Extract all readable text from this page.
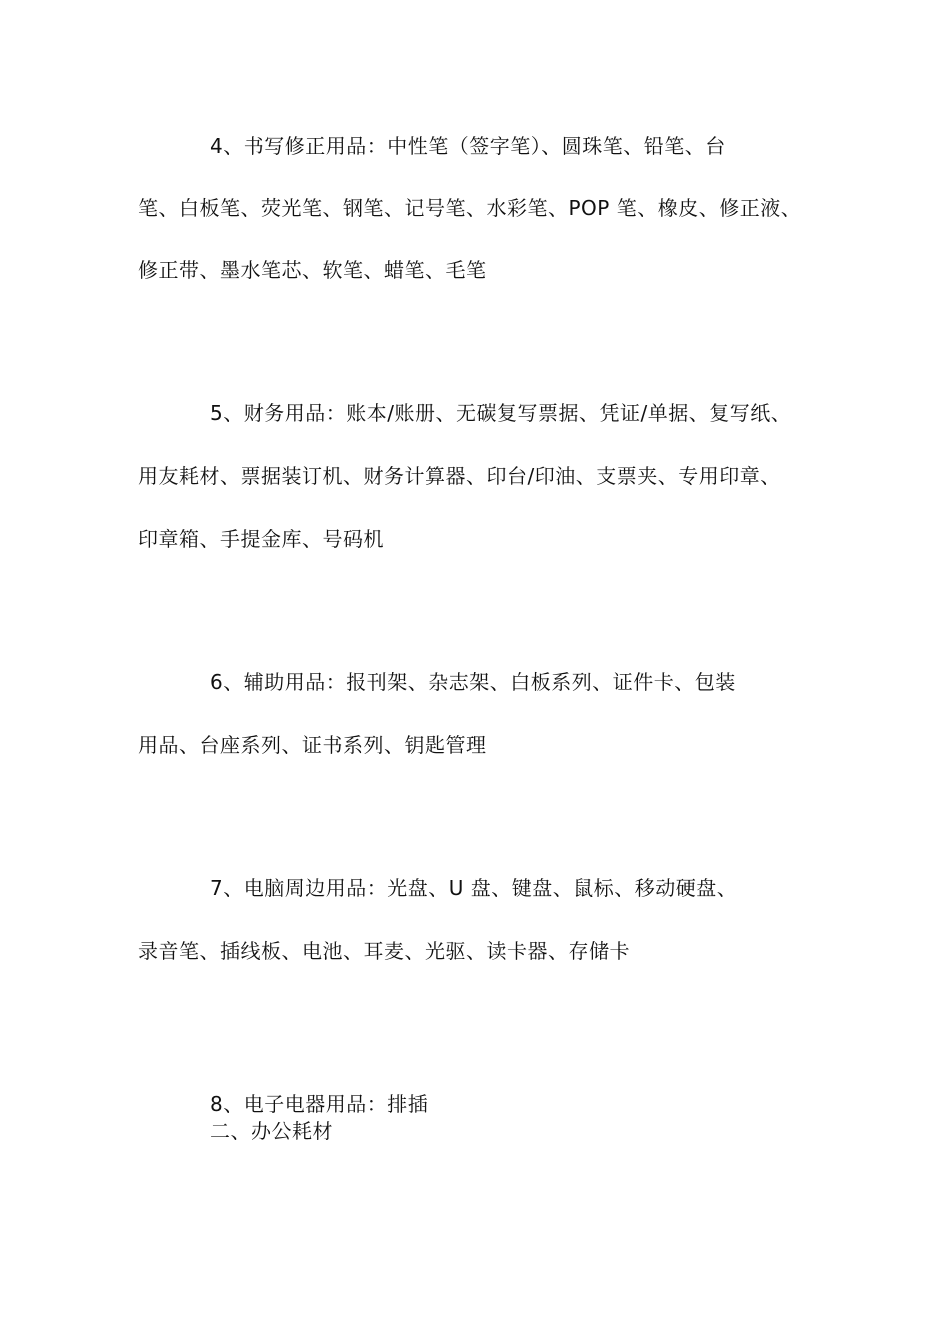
4、书写修正用品：中性笔（签字笔）、圆珠笔、铅笔、台
笔、白板笔、荧光笔、钢笔、记号笔、水彩笔、POP 笔、橡皮、修正液、
修正带、墨水笔芯、软笔、蜡笔、毛笔
5、财务用品：账本/账册、无碳复写票据、凭证/单据、复写纸、
用友耗材、票据装订机、财务计算器、印台/印油、支票夹、专用印章、
印章箱、手提金库、号码机
6、辅助用品：报刊架、杂志架、白板系列、证件卡、包装
用品、台座系列、证书系列、钥匙管理
7、电脑周边用品：光盘、U 盘、键盘、鼠标、移动硬盘、
录音笔、插线板、电池、耳麦、光驱、读卡器、存储卡
8、电子电器用品：排插
二、办公耗材
